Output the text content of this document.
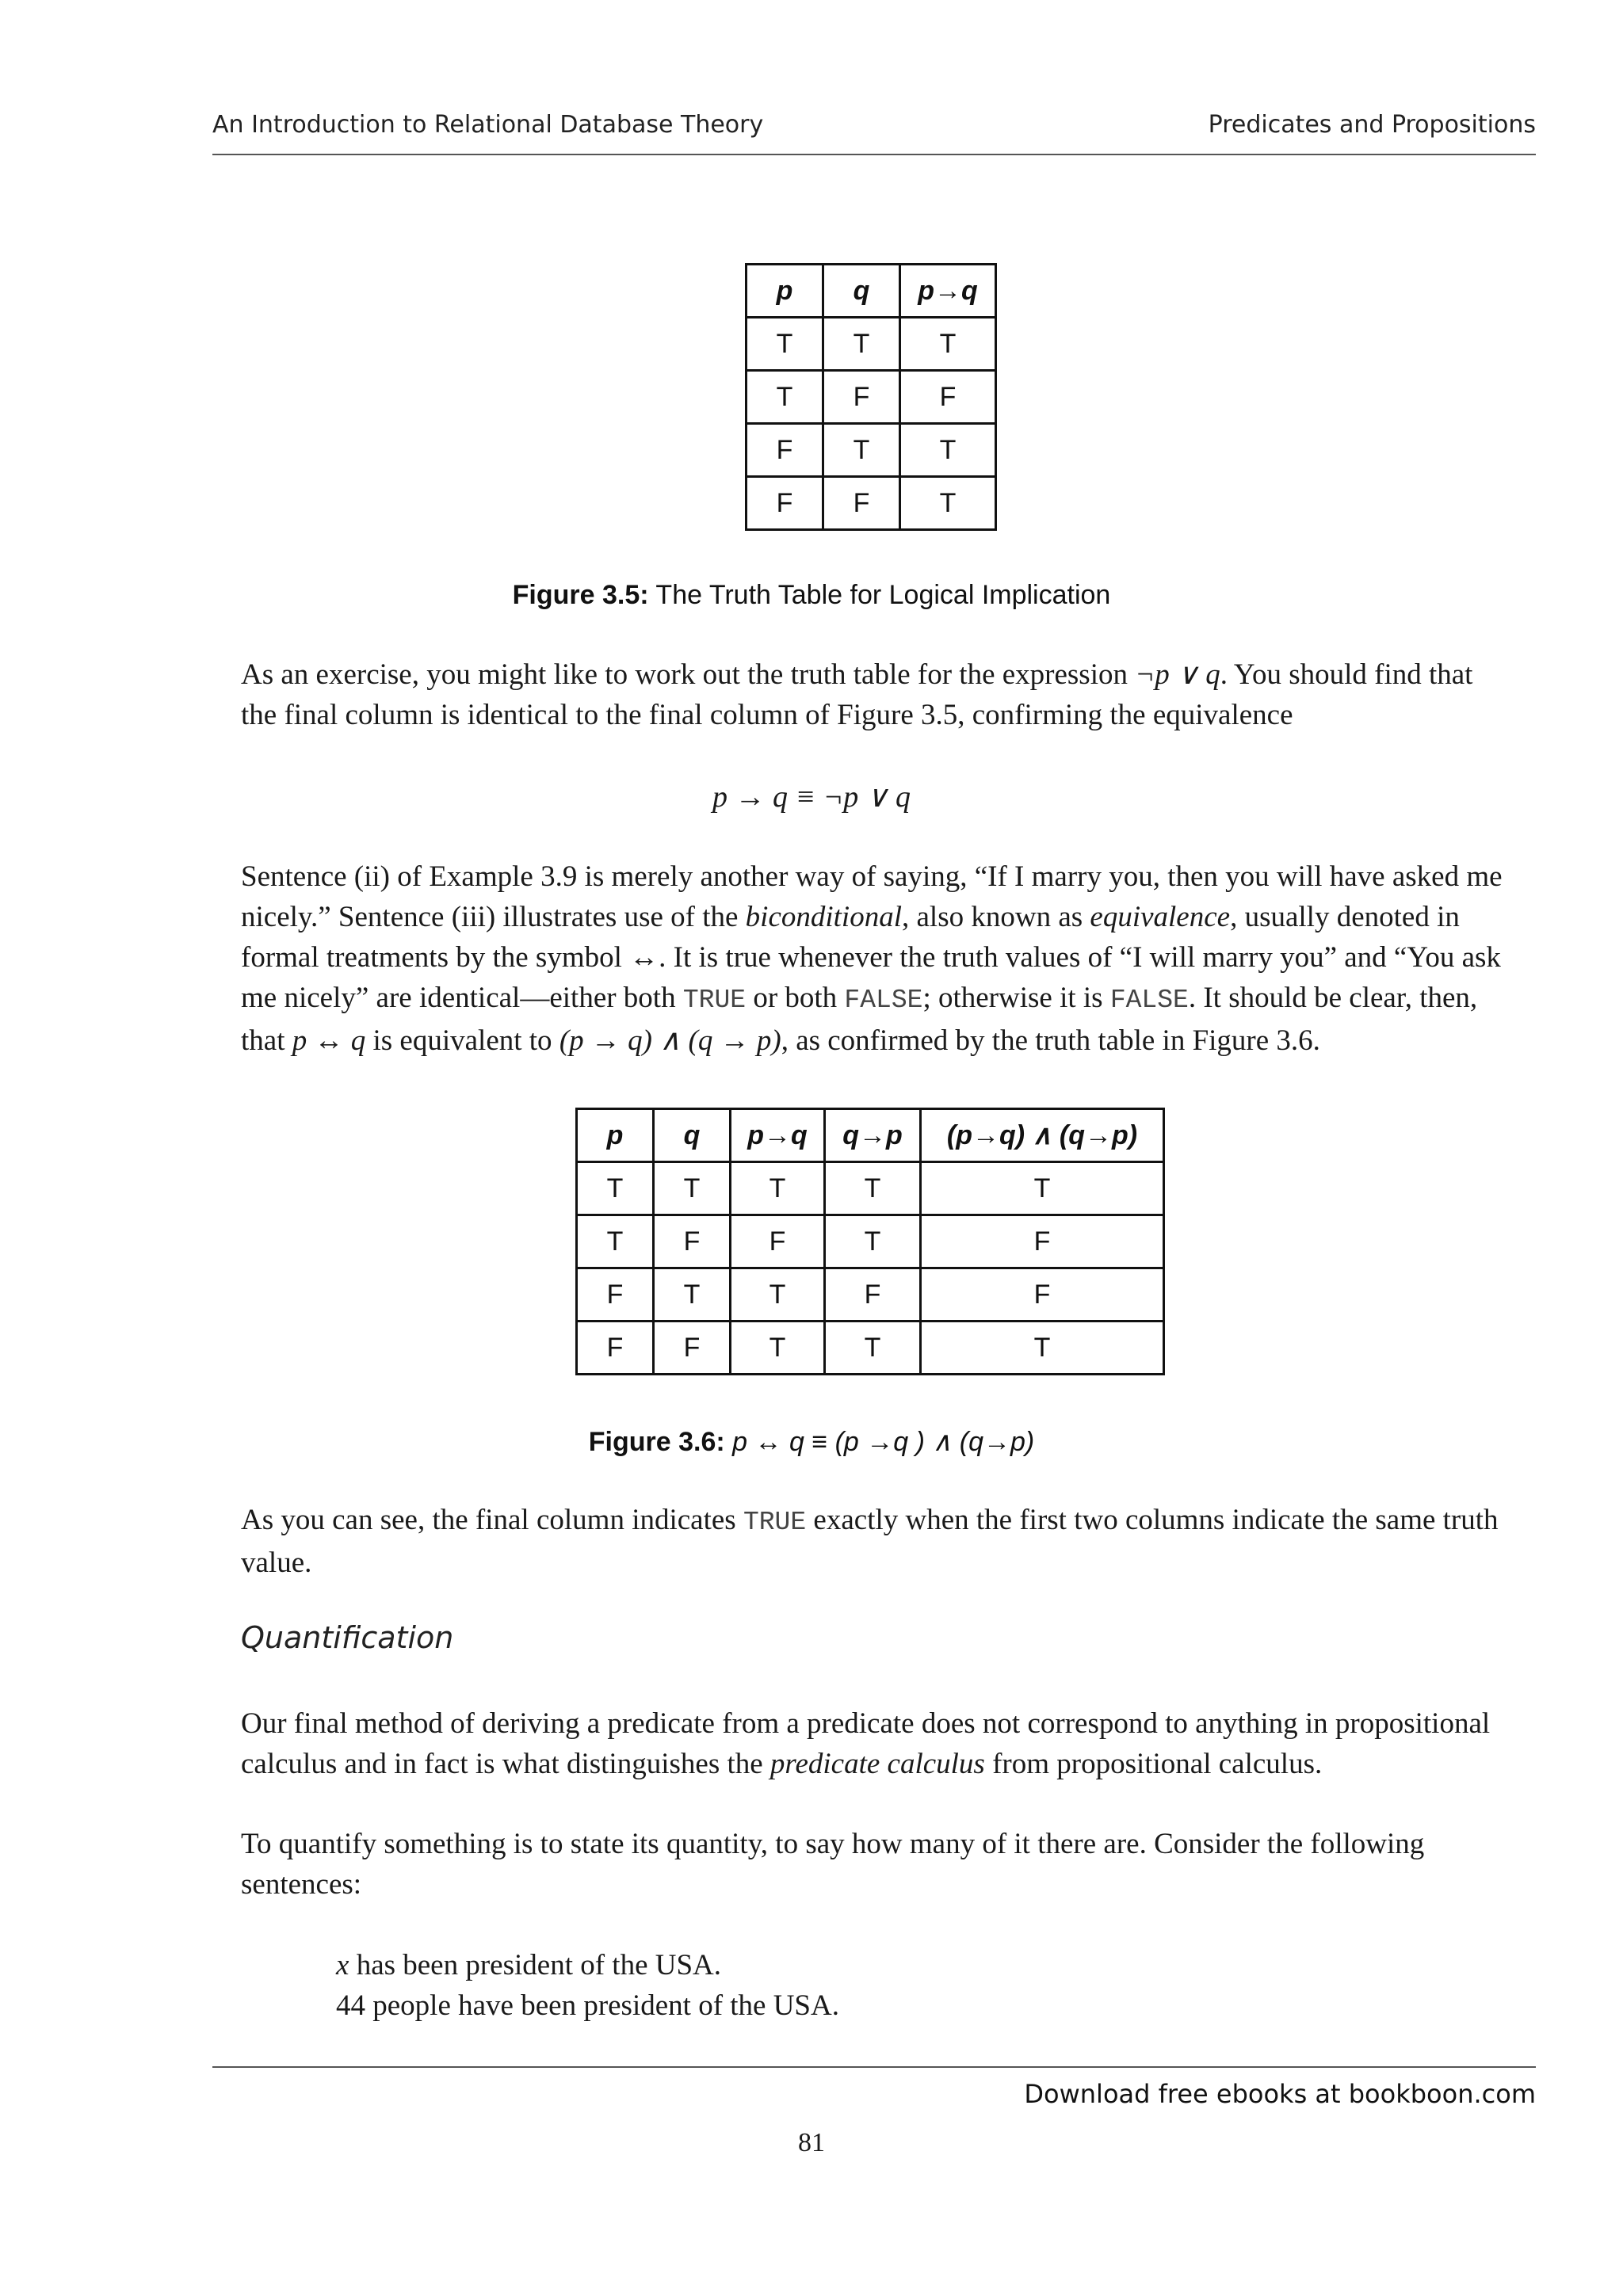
An Introduction to Relational Database Theory	Predicates and Propositions
p	q	p→q
T	T	T
T	F	F
F	T	T
F	F	T
Figure 3.5: The Truth Table for Logical Implication
As an exercise, you might like to work out the truth table for the expression ¬p ∨ q. You should find that the final column is identical to the final column of Figure 3.5, confirming the equivalence
p → q ≡ ¬p ∨ q
Sentence (ii) of Example 3.9 is merely another way of saying, “If I marry you, then you will have asked me nicely.” Sentence (iii) illustrates use of the biconditional, also known as equivalence, usually denoted in formal treatments by the symbol ↔. It is true whenever the truth values of “I will marry you” and “You ask me nicely” are identical—either both TRUE or both FALSE; otherwise it is FALSE. It should be clear, then, that p ↔ q is equivalent to (p → q) ∧ (q → p), as confirmed by the truth table in Figure 3.6.
p	q	p→q	q→p	(p→q) ∧ (q→p)
T	T	T	T	T
T	F	F	T	F
F	T	T	F	F
F	F	T	T	T
Figure 3.6: p ↔ q ≡ (p →q ) ∧ (q→p)
As you can see, the final column indicates TRUE exactly when the first two columns indicate the same truth value.
Quantification
Our final method of deriving a predicate from a predicate does not correspond to anything in propositional calculus and in fact is what distinguishes the predicate calculus from propositional calculus.
To quantify something is to state its quantity, to say how many of it there are. Consider the following sentences:
x has been president of the USA.
44 people have been president of the USA.
Download free ebooks at bookboon.com
81
